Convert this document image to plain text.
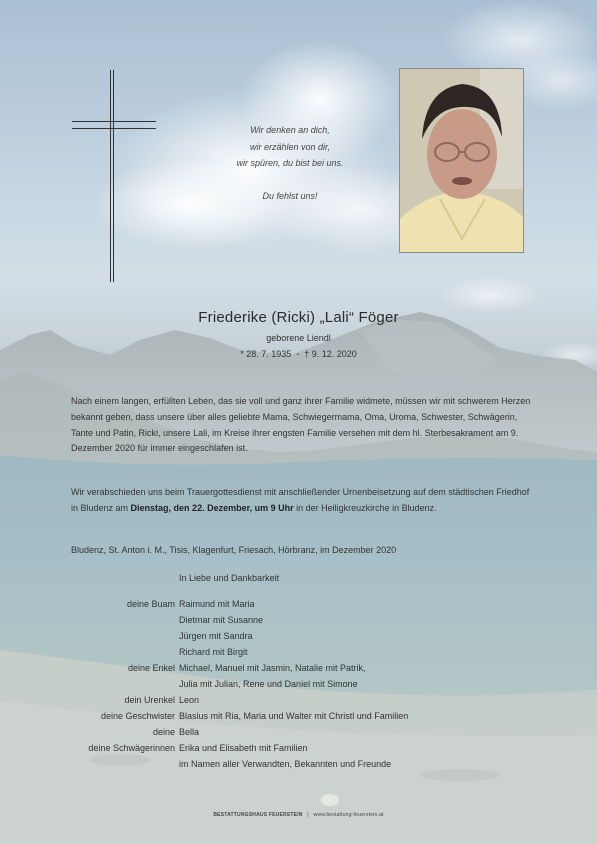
Wir denken an dich,
wir erzählen von dir,
wir spüren, du bist bei uns.
Du fehlst uns!
Friederike (Ricki) „Lali“ Föger
geborene Liendl
* 28. 7. 1935  -  † 9. 12. 2020
Nach einem langen, erfüllten Leben, das sie voll und ganz ihrer Familie widmete, müssen wir mit schwerem Herzen bekannt geben, dass unsere über alles geliebte Mama, Schwiegermama, Oma, Uroma, Schwester, Schwägerin, Tante und Patin, Ricki, unsere Lali, im Kreise ihrer engsten Familie versehen mit dem hl. Sterbesakrament am 9. Dezember 2020 für immer eingeschlafen ist.
Wir verabschieden uns beim Trauergottesdienst mit anschließender Urnenbeisetzung auf dem städtischen Friedhof in Bludenz am Dienstag, den 22. Dezember, um 9 Uhr in der Heiligkreuzkirche in Bludenz.
Bludenz, St. Anton i. M., Tisis, Klagenfurt, Friesach, Hörbranz, im Dezember 2020
In Liebe und Dankbarkeit
deine Buam Raimund mit Maria
Dietmar mit Susanne
Jürgen mit Sandra
Richard mit Birgit
deine Enkel Michael, Manuel mit Jasmin, Natalie mit Patrik,
Julia mit Julian, Rene und Daniel mit Simone
dein Urenkel Leon
deine Geschwister Blasius mit Ria, Maria und Walter mit Christl und Familien
deine Bella
deine Schwägerinnen Erika und Elisabeth mit Familien
im Namen aller Verwandten, Bekannten und Freunde
BESTATTUNGSHAUS FEUERSTEIN | www.bestattung-feuerstein.at
